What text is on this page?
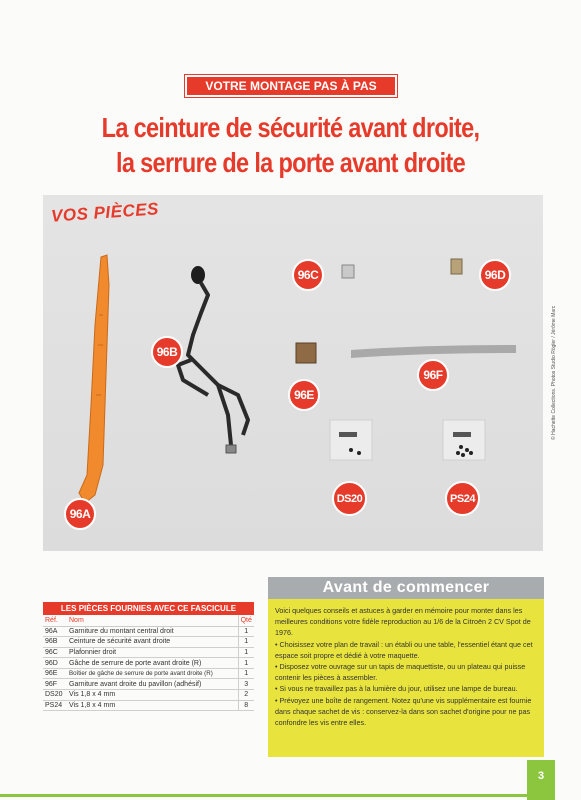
VOTRE MONTAGE PAS À PAS
La ceinture de sécurité avant droite,
la serrure de la porte avant droite
VOS PIÈCES
96A
96B
96C	96D
96E
96F
DS20	PS24
© Hachette Collections. Photos Studio Rögler / Jérôme Marc
LES PIÈCES FOURNIES AVEC CE FASCICULE
Réf.	Nom	Qté
96A	Garniture du montant central droit	1
96B	Ceinture de sécurité avant droite	1
96C	Plafonnier droit	1
96D	Gâche de serrure de porte avant droite (R)	1
96E	Boîtier de gâche de serrure de porte avant droite (R)	1
96F	Garniture avant droite du pavillon (adhésif)	3
DS20	Vis 1,8 x 4 mm	2
PS24	Vis 1,8 x 4 mm	8
Avant de commencer
Voici quelques conseils et astuces à garder en mémoire pour monter dans les meilleures conditions votre fidèle reproduction au 1/6 de la Citroën 2 CV Spot de 1976.
• Choisissez votre plan de travail : un établi ou une table, l'essentiel étant que cet espace soit propre et dédié à votre maquette.
• Disposez votre ouvrage sur un tapis de maquettiste, ou un plateau qui puisse contenir les pièces à assembler.
• Si vous ne travaillez pas à la lumière du jour, utilisez une lampe de bureau.
• Prévoyez une boîte de rangement. Notez qu'une vis supplémentaire est fournie dans chaque sachet de vis : conservez-la dans son sachet d'origine pour ne pas confondre les vis entre elles.
3
